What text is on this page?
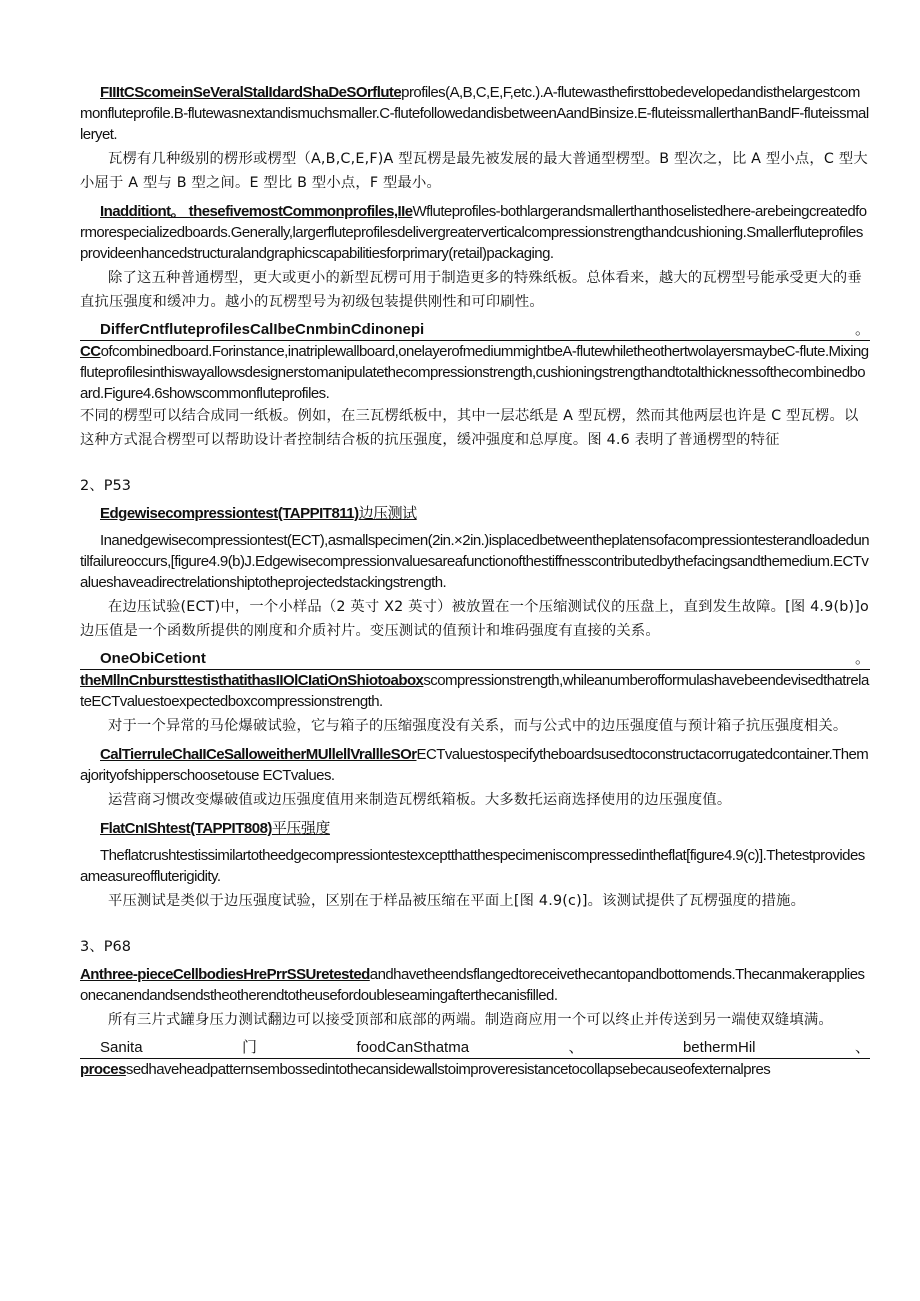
FIIItCScomeinSeVeralStalIdardShaDeSOrfluteprofiles(A,B,C,E,F,etc.).A-flutewasthefirsttobedevelopedandisthelargestcommonfluteprofile.B-flutewasnextandismuchsmaller.C-flutefollowedandisbetweenAandBinsize.E-fluteissmallerthanBandF-fluteissmalleryet.

瓦楞有几种级别的楞形或楞型（A,B,C,E,F)A 型瓦楞是最先被发展的最大普通型楞型。B 型次之，比 A 型小点，C 型大小屈于 A 型与 B 型之间。E 型比 B 型小点，F 型最小。

Inadditiont。 thesefivemostCommonprofiles,IIeWfluteprofiles-bothlargerandsmallerthanthoselistedhere-arebeingcreatedformorespecializedboards.Generally,largerfluteprofilesdelivergreaterverticalcompressionstrengthandcushioning.Smallerfluteprofilesprovideenhancedstructuralandgraphicscapabilitiesforprimary(retail)packaging.

除了这五种普通楞型，更大或更小的新型瓦楞可用于制造更多的特殊纸板。总体看来，越大的瓦楞型号能承受更大的垂直抗压强度和缓冲力。越小的瓦楞型号为初级包装提供刚性和可印刷性。

DifferCntfluteprofilesCalIbeCnmbinCdinonepi	。

CCofcombinedboard.Forinstance,inatriplewallboard,onelayerofmediummightbeA-flutewhiletheothertwolayersmaybeC-flute.Mixingfluteprofilesinthiswayallowsdesignerstomanipulatethecompressionstrength,cushioningstrengthandtotalthicknessofthecombinedboard.Figure4.6showscommonfluteprofiles.

不同的楞型可以结合成同一纸板。例如，在三瓦楞纸板中，其中一层芯纸是 A 型瓦楞，然而其他两层也许是 C 型瓦楞。以这种方式混合楞型可以帮助设计者控制结合板的抗压强度，缓冲强度和总厚度。图 4.6 表明了普通楞型的特征

2、P53
Edgewisecompressiontest(TAPPIT811)边压测试

Inanedgewisecompressiontest(ECT),asmallspecimen(2in.×2in.)isplacedbetweentheplatensofacompressiontesterandloadeduntilfailureoccurs,[figure4.9(b)J.Edgewisecompressionvaluesareafunctionofthestiffnesscontributedbythefacingsandthemedium.ECTvalueshaveadirectrelationshiptotheprojectedstackingstrength.

在边压试验(ECT)中，一个小样品（2 英寸 X2 英寸）被放置在一个压缩测试仪的压盘上，直到发生故障。[图 4.9(b)]o 边压值是一个函数所提供的刚度和介质衬片。变压测试的值预计和堆码强度有直接的关系。

OneObiCetiont	。

theMllnCnbursttestisthatithasIIOlCIatiOnShiotoaboxscompressionstrength,whileanumberofformulashavebeendevisedthatrelateECTvaluestoexpectedboxcompressionstrength.

对于一个异常的马伦爆破试验，它与箱子的压缩强度没有关系，而与公式中的边压强度值与预计箱子抗压强度相关。

CalTierruleChaIICeSalloweitherMUllellVrallleSOrECTvaluestospecifytheboardsusedtoconstructacorrugatedcontainer.Themajorityofshipperschoosetouse ECTvalues.

运营商习惯改变爆破值或边压强度值用来制造瓦楞纸箱板。大多数托运商选择使用的边压强度值。

FlatCnIShtest(TAPPIT808)平压强度

Theflatcrushtestissimilartotheedgecompressiontestexceptthatthespecimeniscompressedintheflat[figure4.9(c)].Thetestprovidesameasureoffluterigidity.

平压测试是类似于边压强度试验，区别在于样品被压缩在平面上[图 4.9(c)]。该测试提供了瓦楞强度的措施。

3、P68

Anthree-pieceCellbodiesHrePrrSSUretestedandhavetheendsflangedtoreceivethecantopandbottomends.Thecanmakerappliesonecanendandsendstheotherendtotheusefordoubleseamingafterthecanisfilled.

所有三片式罐身压力测试翻边可以接受顶部和底部的两端。制造商应用一个可以终止并传送到另一端使双缝填满。

Sanita	门	foodCanSthatma	、	bethermHil	、

processedhaveheadpatternsembossedintothecansidewallstoimproveresistancetocollapsebecauseofexternalpres
